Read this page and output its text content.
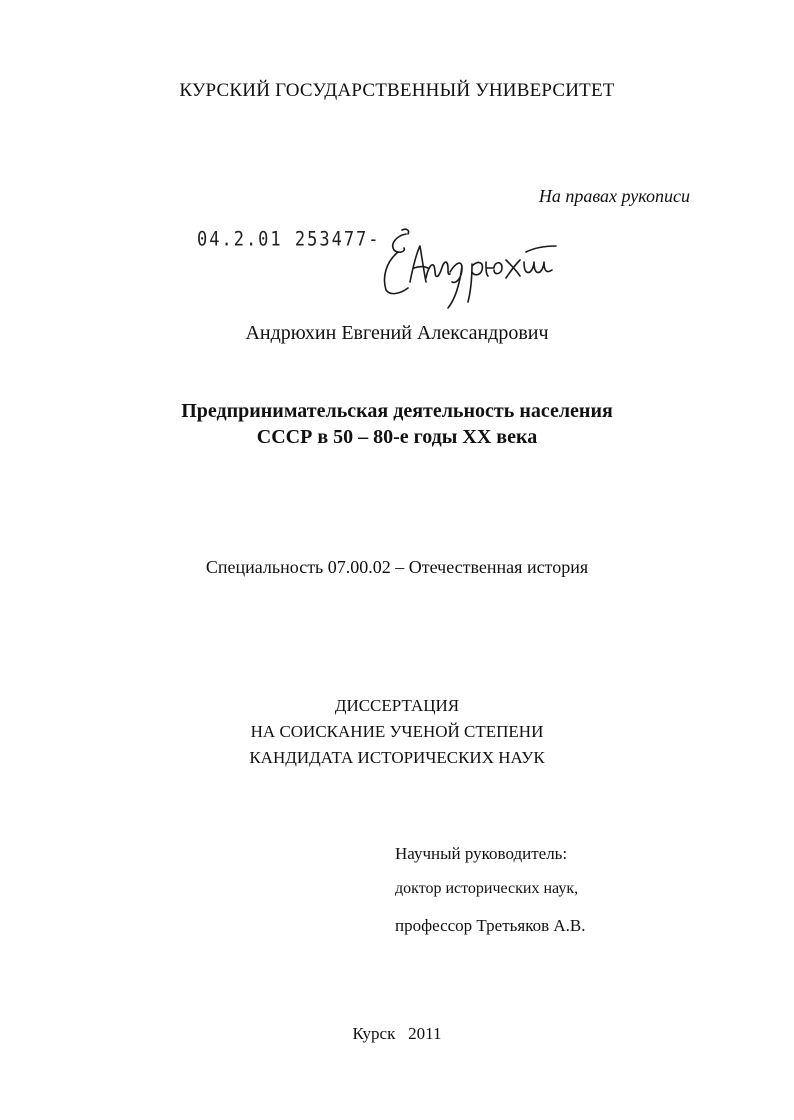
КУРСКИЙ ГОСУДАРСТВЕННЫЙ УНИВЕРСИТЕТ
На правах рукописи
04.2.01 253477-
Андрюхин Евгений Александрович
Предпринимательская деятельность населения
СССР в 50 – 80-е годы XX века
Специальность 07.00.02 – Отечественная история
ДИССЕРТАЦИЯ
НА СОИСКАНИЕ УЧЕНОЙ СТЕПЕНИ
КАНДИДАТА ИСТОРИЧЕСКИХ НАУК
Научный руководитель:
доктор исторических наук,
профессор Третьяков А.В.
Курск   2011
